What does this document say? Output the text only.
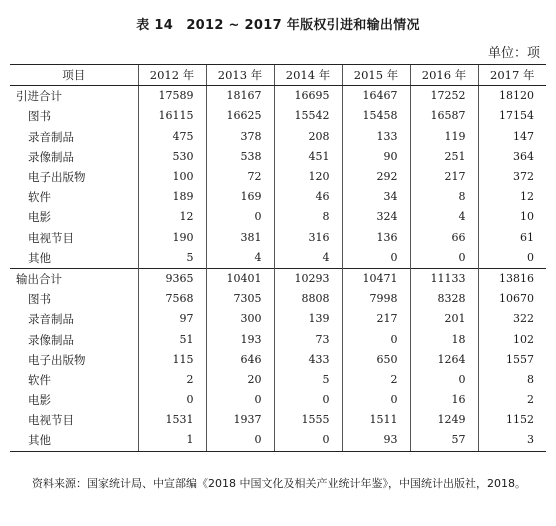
表 14　2012 ~ 2017 年版权引进和输出情况
单位：项
项目	2012 年	2013 年	2014 年	2015 年	2016 年	2017 年
引进合计	17589	18167	16695	16467	17252	18120
图书	16115	16625	15542	15458	16587	17154
录音制品	475	378	208	133	119	147
录像制品	530	538	451	90	251	364
电子出版物	100	72	120	292	217	372
软件	189	169	46	34	8	12
电影	12	0	8	324	4	10
电视节目	190	381	316	136	66	61
其他	5	4	4	0	0	0
输出合计	9365	10401	10293	10471	11133	13816
图书	7568	7305	8808	7998	8328	10670
录音制品	97	300	139	217	201	322
录像制品	51	193	73	0	18	102
电子出版物	115	646	433	650	1264	1557
软件	2	20	5	2	0	8
电影	0	0	0	0	16	2
电视节目	1531	1937	1555	1511	1249	1152
其他	1	0	0	93	57	3
资料来源：国家统计局、中宣部编《2018 中国文化及相关产业统计年鉴》，中国统计出版社，2018。
